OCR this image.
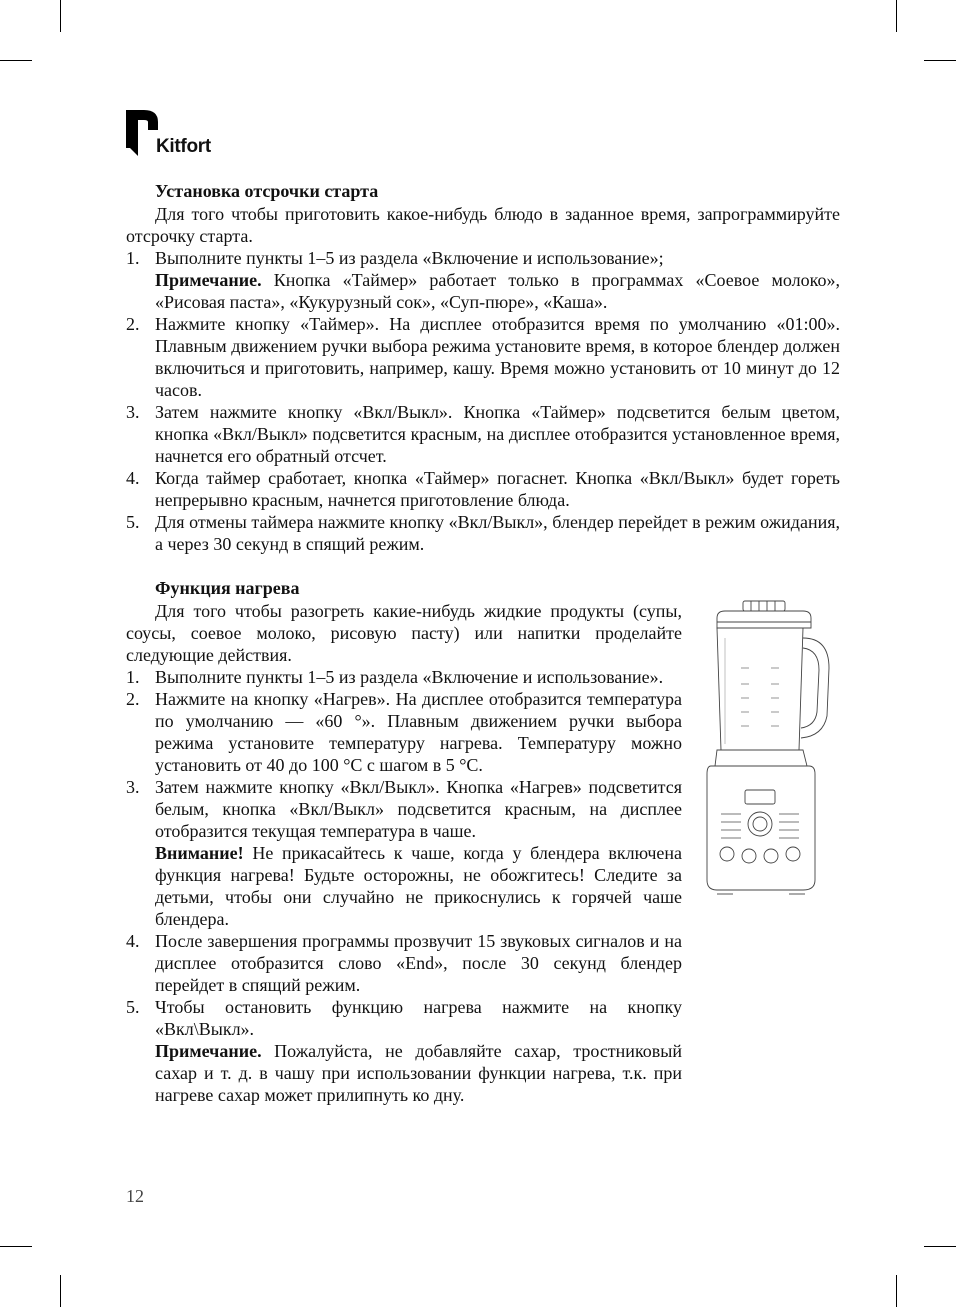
Kitfort
Установка отсрочки старта

Для того чтобы приготовить какое-нибудь блюдо в заданное время, запрограммируйте отсрочку старта.

1. Выполните пункты 1–5 из раздела «Включение и использование»;

Примечание. Кнопка «Таймер» работает только в программах «Соевое молоко», «Рисовая паста», «Кукурузный сок», «Суп-пюре», «Каша».

2. Нажмите кнопку «Таймер». На дисплее отобразится время по умолчанию «01:00». Плавным движением ручки выбора режима установите время, в которое блендер должен включиться и приготовить, например, кашу. Время можно установить от 10 минут до 12 часов.

3. Затем нажмите кнопку «Вкл/Выкл». Кнопка «Таймер» подсветится белым цветом, кнопка «Вкл/Выкл» подсветится красным, на дисплее отобразится установленное время, начнется его обратный отсчет.

4. Когда таймер сработает, кнопка «Таймер» погаснет. Кнопка «Вкл/Выкл» будет гореть непрерывно красным, начнется приготовление блюда.

5. Для отмены таймера нажмите кнопку «Вкл/Выкл», блендер перейдет в режим ожидания, а через 30 секунд в спящий режим.

Функция нагрева

Для того чтобы разогреть какие-нибудь жидкие продукты (супы, соусы, соевое молоко, рисовую пасту) или напитки проделайте следующие действия.

1. Выполните пункты 1–5 из раздела «Включение и использование».

2. Нажмите на кнопку «Нагрев». На дисплее отобразится температура по умолчанию — «60 °». Плавным движением ручки выбора режима установите температуру нагрева. Температуру можно установить от 40 до 100 °C с шагом в 5 °C.

3. Затем нажмите кнопку «Вкл/Выкл». Кнопка «Нагрев» подсветится белым, кнопка «Вкл/Выкл» подсветится красным, на дисплее отобразится текущая температура в чаше.

Внимание! Не прикасайтесь к чаше, когда у блендера включена функция нагрева! Будьте осторожны, не обожгитесь! Следите за детьми, чтобы они случайно не прикоснулись к горячей чаше блендера.

4. После завершения программы прозвучит 15 звуковых сигналов и на дисплее отобразится слово «End», после 30 секунд блендер перейдет в спящий режим.

5. Чтобы остановить функцию нагрева нажмите на кнопку «Вкл\Выкл».

Примечание. Пожалуйста, не добавляйте сахар, тростниковый сахар и т. д. в чашу при использовании функции нагрева, т.к. при нагреве сахар может прилипнуть ко дну.

12
